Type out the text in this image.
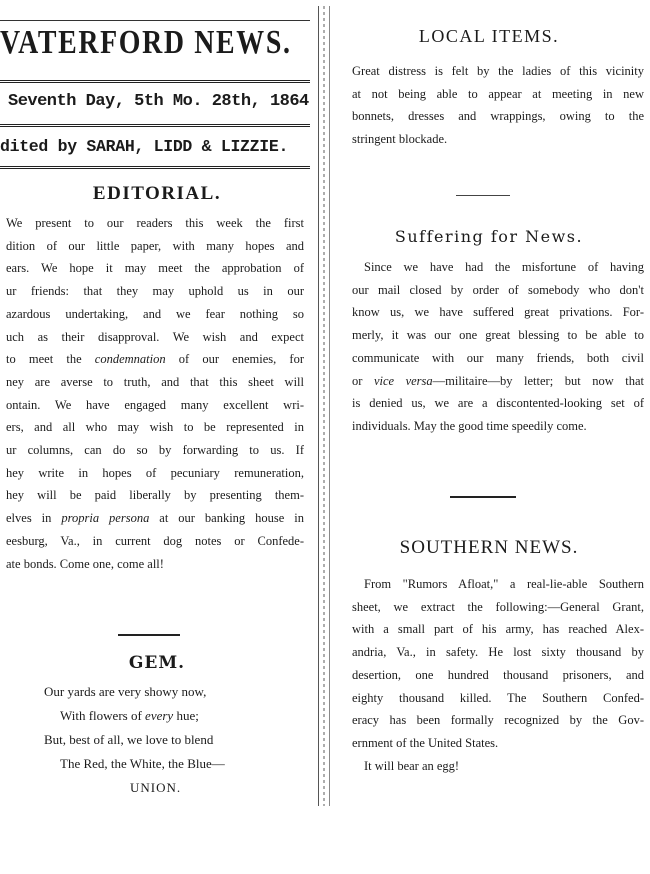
VATERFORD NEWS.
Seventh Day, 5th Mo. 28th, 1864
dited by SARAH, LIDD & LIZZIE.
EDITORIAL.
We present to our readers this week the first
dition of our little paper, with many hopes and
ears. We hope it may meet the approbation of
ur friends: that they may uphold us in our
azardous undertaking, and we fear nothing so
uch as their disapproval. We wish and expect
to meet the condemnation of our enemies, for
ney are averse to truth, and that this sheet will
ontain. We have engaged many excellent wri-
ers, and all who may wish to be represented in
ur columns, can do so by forwarding to us. If
hey write in hopes of pecuniary remuneration,
hey will be paid liberally by presenting them-
elves in propria persona at our banking house in
eesburg, Va., in current dog notes or Confede-
ate bonds. Come one, come all!
GEM.
Our yards are very showy now,
With flowers of every hue;
But, best of all, we love to blend
The Red, the White, the Blue—
UNION.
LOCAL ITEMS.
Great distress is felt by the ladies of this vicinity
at not being able to appear at meeting in new
bonnets, dresses and wrappings, owing to the
stringent blockade.
Suffering for News.
Since we have had the misfortune of having
our mail closed by order of somebody who don't
know us, we have suffered great privations. For-
merly, it was our one great blessing to be able to
communicate with our many friends, both civil
or vice versa—militaire—by letter; but now that
is denied us, we are a discontented-looking set of
individuals. May the good time speedily come.
SOUTHERN NEWS.
From "Rumors Afloat," a real-lie-able Southern
sheet, we extract the following:—General Grant,
with a small part of his army, has reached Alex-
andria, Va., in safety. He lost sixty thousand by
desertion, one hundred thousand prisoners, and
eighty thousand killed. The Southern Confed-
eracy has been formally recognized by the Gov-
ernment of the United States.
It will bear an egg!
